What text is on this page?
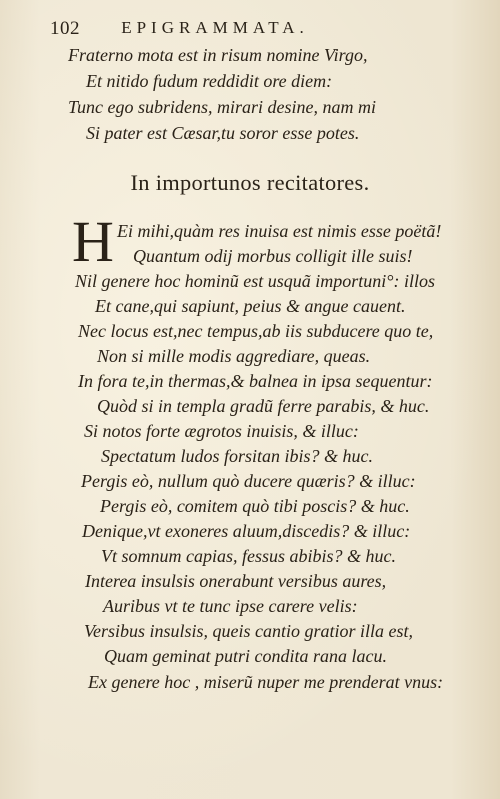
102	EPIGRAMMATA.
Fraterno mota est in risum nomine Virgo,
Et nitido fudum reddidit ore diem:
Tunc ego subridens, mirari desine, nam mi
Si pater est Cæsar,tu soror esse potes.
In importunos recitatores.
H Ei mihi,quàm res inuisa est nimis esse poëtã!
Quantum odij morbus colligit ille suis!
Nil genere hoc hominũ est usquã importuni°: illos
Et cane,qui sapiunt, peius & angue cauent.
Nec locus est,nec tempus,ab iis subducere quo te,
Non si mille modis aggrediare, queas.
In fora te,in thermas,& balnea in ipsa sequentur:
Quòd si in templa gradũ ferre parabis, & huc.
Si notos forte ægrotos inuisis, & illuc:
Spectatum ludos forsitan ibis? & huc.
Pergis eò, nullum quò ducere quæris? & illuc:
Pergis eò, comitem quò tibi poscis? & huc.
Denique,vt exoneres aluum,discedis? & illuc:
Vt somnum capias, fessus abibis? & huc.
Interea insulsis onerabunt versibus aures,
Auribus vt te tunc ipse carere velis:
Versibus insulsis, queis cantio gratior illa est,
Quam geminat putri condita rana lacu.
Ex genere hoc , miserũ nuper me prenderat vnus:
